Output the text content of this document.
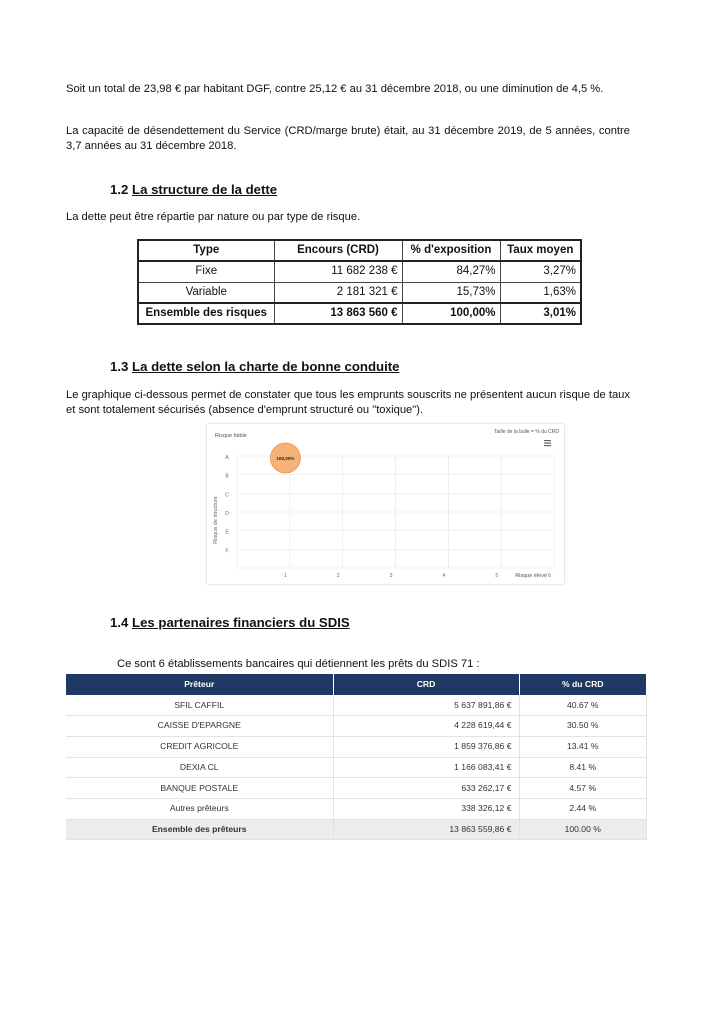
Soit un total de 23,98 € par habitant DGF, contre 25,12 € au 31 décembre 2018, ou une diminution de 4,5 %.

La capacité de désendettement du Service (CRD/marge brute) était, au 31 décembre 2019, de 5 années, contre 3,7 années au 31 décembre 2018.

1.2 La structure de la dette

La dette peut être répartie par nature ou par type de risque.

Type	Encours (CRD)	% d'exposition	Taux moyen
Fixe	11 682 238 €	84,27%	3,27%
Variable	2 181 321 €	15,73%	1,63%
Ensemble des risques	13 863 560 €	100,00%	3,01%
1.3 La dette selon la charte de bonne conduite

Le graphique ci-dessous permet de constater que tous les emprunts souscrits ne présentent aucun risque de taux et sont totalement sécurisés (absence d'emprunt structuré ou "toxique").

Risque faible
Taille de la bulle = % du CRD
Risque de structure
Risque élevé
A
B
C
D
E
F
1	2	3	4	5	6
100,00%
1.4 Les partenaires financiers du SDIS

Ce sont 6 établissements bancaires qui détiennent les prêts du SDIS 71 :

Prêteur	CRD	% du CRD
SFIL CAFFIL	5 637 891,86 €	40.67 %
CAISSE D'EPARGNE	4 228 619,44 €	30.50 %
CREDIT AGRICOLE	1 859 376,86 €	13.41 %
DEXIA CL	1 166 083,41 €	8.41 %
BANQUE POSTALE	633 262,17 €	4.57 %
Autres prêteurs	338 326,12 €	2.44 %
Ensemble des prêteurs	13 863 559,86 €	100.00 %
